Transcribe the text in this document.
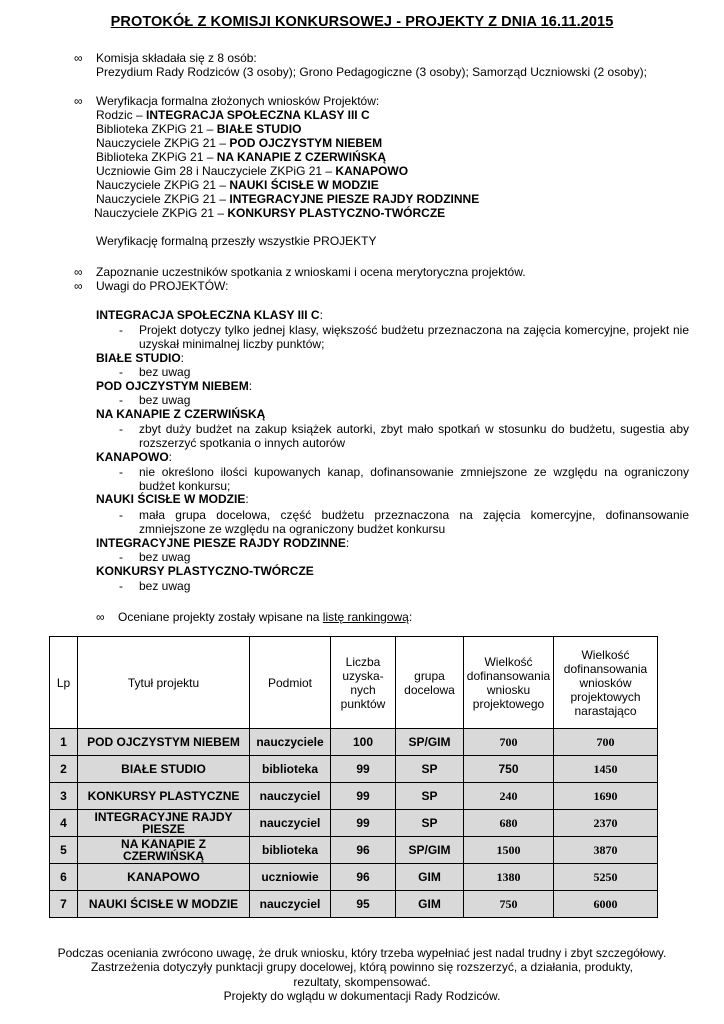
PROTOKÓŁ Z KOMISJI KONKURSOWEJ - PROJEKTY Z DNIA 16.11.2015
∞ Komisja składała się z 8 osób:
Prezydium Rady Rodziców (3 osoby); Grono Pedagogiczne (3 osoby); Samorząd Uczniowski (2 osoby);
∞ Weryfikacja formalna złożonych wniosków Projektów:
Rodzic – INTEGRACJA SPOŁECZNA KLASY III C
Biblioteka ZKPiG 21 – BIAŁE STUDIO
Nauczyciele ZKPiG 21 – POD OJCZYSTYM NIEBEM
Biblioteka ZKPiG 21 – NA KANAPIE Z CZERWIŃSKĄ
Uczniowie Gim 28 i Nauczyciele ZKPiG 21 – KANAPOWO
Nauczyciele ZKPiG 21 – NAUKI ŚCISŁE W MODZIE
Nauczyciele ZKPiG 21 – INTEGRACYJNE PIESZE RAJDY RODZINNE
Nauczyciele ZKPiG 21 – KONKURSY PLASTYCZNO-TWÓRCZE
Weryfikację formalną przeszły wszystkie PROJEKTY
∞ Zapoznanie uczestników spotkania z wnioskami i ocena merytoryczna projektów.
∞ Uwagi do PROJEKTÓW:
INTEGRACJA SPOŁECZNA KLASY III C:
- Projekt dotyczy tylko jednej klasy, większość budżetu przeznaczona na zajęcia komercyjne, projekt nie uzyskał minimalnej liczby punktów;
BIAŁE STUDIO:
- bez uwag
POD OJCZYSTYM NIEBEM:
- bez uwag
NA KANAPIE Z CZERWIŃSKĄ
- zbyt duży budżet na zakup książek autorki, zbyt mało spotkań w stosunku do budżetu, sugestia aby rozszerzyć spotkania o innych autorów
KANAPOWO:
- nie określono ilości kupowanych kanap, dofinansowanie zmniejszone ze względu na ograniczony budżet konkursu;
NAUKI ŚCISŁE W MODZIE:
- mała grupa docelowa, część budżetu przeznaczona na zajęcia komercyjne, dofinansowanie zmniejszone ze względu na ograniczony budżet konkursu
INTEGRACYJNE PIESZE RAJDY RODZINNE:
- bez uwag
KONKURSY PLASTYCZNO-TWÓRCZE
- bez uwag
∞ Oceniane projekty zostały wpisane na listę rankingową:
Lp	Tytuł projektu	Podmiot	Liczba uzyska-nych punktów	grupa docelowa	Wielkość dofinansowania wniosku projektowego	Wielkość dofinansowania wniosków projektowych narastająco
1	POD OJCZYSTYM NIEBEM	nauczyciele	100	SP/GIM	700	700
2	BIAŁE STUDIO	biblioteka	99	SP	750	1450
3	KONKURSY PLASTYCZNE	nauczyciel	99	SP	240	1690
4	INTEGRACYJNE RAJDY PIESZE	nauczyciel	99	SP	680	2370
5	NA KANAPIE Z CZERWIŃSKĄ	biblioteka	96	SP/GIM	1500	3870
6	KANAPOWO	uczniowie	96	GIM	1380	5250
7	NAUKI ŚCISŁE W MODZIE	nauczyciel	95	GIM	750	6000
Podczas oceniania zwrócono uwagę, że druk wniosku, który trzeba wypełniać jest nadal trudny i zbyt szczegółowy.
Zastrzeżenia dotyczyły punktacji grupy docelowej, którą powinno się rozszerzyć, a działania, produkty, rezultaty, skompensować.
Projekty do wglądu w dokumentacji Rady Rodziców.
